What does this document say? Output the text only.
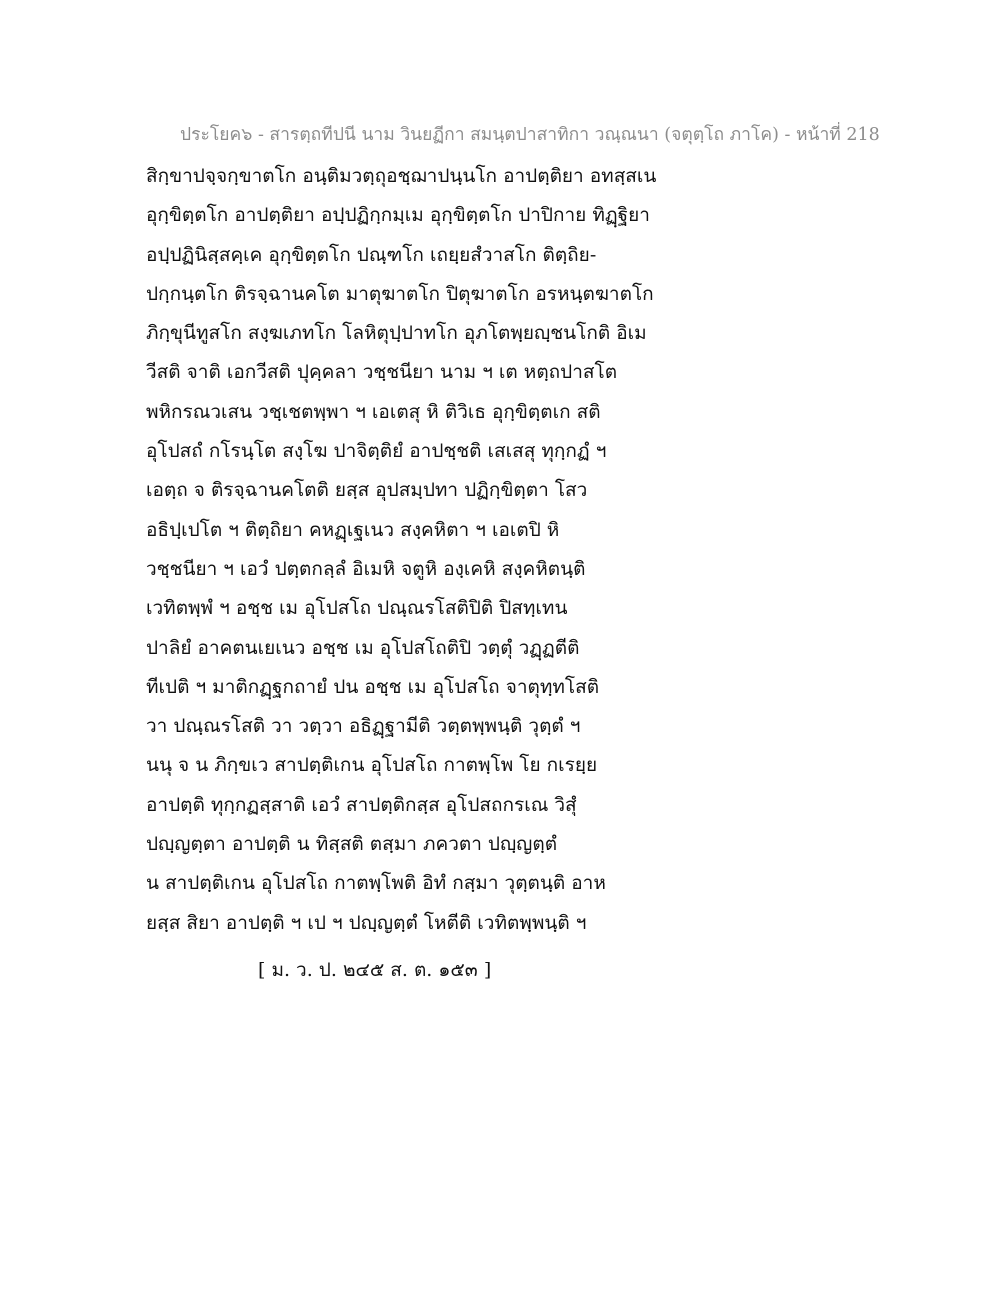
ประโยค๖ - สารตฺถทีปนี นาม วินยฏีกา สมนฺตปาสาทิกา วณฺณนา (จตุตฺโถ ภาโค) - หน้าที่ 218
สิกฺขาปจฺจกฺขาตโก อนฺติมวตฺถุอชฺฌาปนฺนโก อาปตฺติยา อทสฺสเน
อุกฺขิตฺตโก อาปตฺติยา อปฺปฏิกฺกมฺเม อุกฺขิตฺตโก ปาปิกาย ทิฏฺฐิยา
อปฺปฏินิสฺสคฺเค อุกฺขิตฺตโก ปณฺฑโก เถยฺยสํวาสโก ติตฺถิย-
ปกฺกนฺตโก ติรจฺฉานคโต มาตุฆาตโก ปิตุฆาตโก อรหนฺตฆาตโก
ภิกฺขุนีทูสโก สงฺฆเภทโก โลหิตุปฺปาทโก อุภโตพฺยญฺชนโกติ อิเม
วีสติ จาติ เอกวีสติ ปุคฺคลา วชฺชนียา นาม ฯ เต หตฺถปาสโต
พหิกรณวเสน วชฺเชตพฺพา ฯ เอเตสุ หิ ติวิเธ อุกฺขิตฺตเก สติ
อุโปสถํ กโรนฺโต สงฺโฆ ปาจิตฺติยํ อาปชฺชติ เสเสสุ ทุกฺกฏํ ฯ
เอตฺถ จ ติรจฺฉานคโตติ ยสฺส อุปสมฺปทา ปฏิกฺขิตฺตา โสว
อธิปฺเปโต ฯ ติตฺถิยา คหฏฺเฐเนว สงฺคหิตา ฯ เอเตปิ หิ
วชฺชนียา ฯ เอวํ ปตฺตกลฺลํ อิเมหิ จตูหิ องฺเคหิ สงฺคหิตนฺติ
เวทิตพฺพํ ฯ อชฺช เม อุโปสโถ ปณฺณรโสติปิติ ปิสทฺเทน
ปาลิยํ อาคตนเยเนว อชฺช เม อุโปสโถติปิ วตฺตุํ วฏฺฏตีติ
ทีเปติ ฯ มาติกฏฺฐกถายํ ปน อชฺช เม อุโปสโถ จาตุทฺทโสติ
วา ปณฺณรโสติ วา วตฺวา อธิฏฺฐามีติ วตฺตพฺพนฺติ วุตฺตํ ฯ
นนุ จ น ภิกฺขเว สาปตฺติเกน อุโปสโถ กาตพฺโพ โย กเรยฺย
อาปตฺติ ทุกฺกฏสฺสาติ เอวํ สาปตฺติกสฺส อุโปสถกรเณ วิสุํ
ปญฺญตฺตา อาปตฺติ น ทิสฺสติ ตสฺมา ภควตา ปญฺญตฺตํ
น สาปตฺติเกน อุโปสโถ กาตพฺโพติ อิทํ กสฺมา วุตฺตนฺติ อาห
ยสฺส สิยา อาปตฺติ ฯ เป ฯ ปญฺญตฺตํ โหตีติ เวทิตพฺพนฺติ ฯ
[ ม. ว. ป. ๒๔๕ ส. ต. ๑๕๓ ]
